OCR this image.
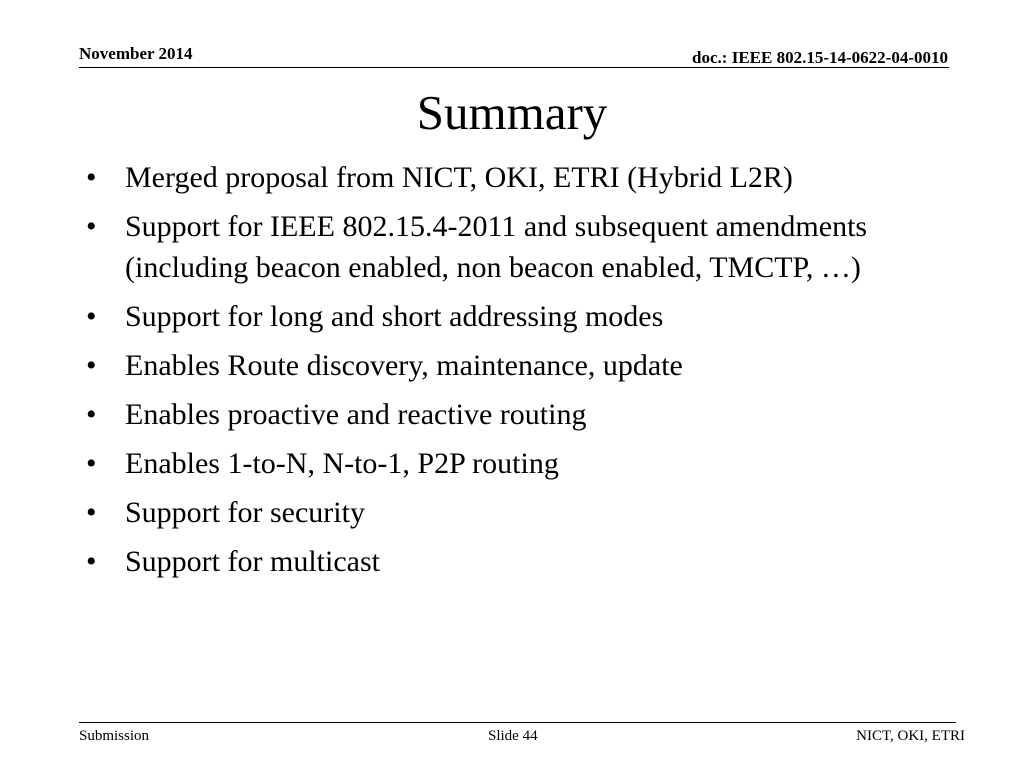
November 2014	doc.: IEEE 802.15-14-0622-04-0010
Summary
• Merged proposal from NICT, OKI, ETRI (Hybrid L2R)
• Support for IEEE 802.15.4-2011 and subsequent amendments (including beacon enabled, non beacon enabled, TMCTP, …)
• Support for long and short addressing modes
• Enables Route discovery, maintenance, update
• Enables proactive and reactive routing
• Enables 1-to-N, N-to-1, P2P routing
• Support for security
• Support for multicast
Submission	Slide 44	NICT, OKI, ETRI
